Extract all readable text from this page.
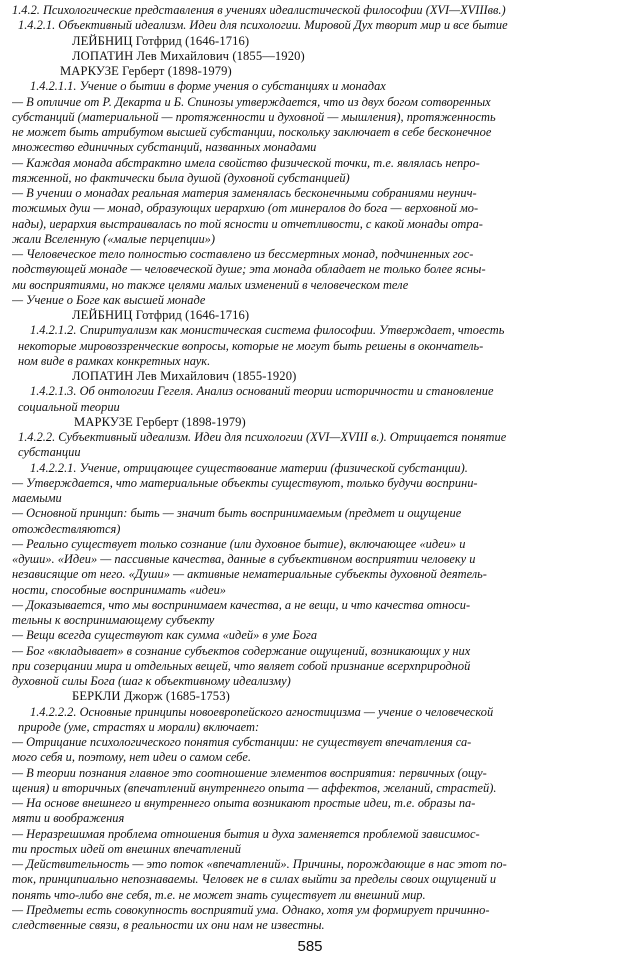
1.4.2. Психологические представления в учениях идеалистической философии (XVI—XVIIIвв.)
1.4.2.1. Объективный идеализм. Идеи для психологии. Мировой Дух творит мир и все бытие
ЛЕЙБНИЦ Готфрид (1646-1716)
ЛОПАТИН Лев Михайлович (1855—1920)
МАРКУЗЕ Герберт (1898-1979)
1.4.2.1.1. Учение о бытии в форме учения о субстанциях и монадах
— В отличие от Р. Декарта и Б. Спинозы утверждается, что из двух богом сотворенных
субстанций (материальной — протяженности и духовной — мышления), протяженность
не может быть атрибутом высшей субстанции, поскольку заключает в себе бесконечное
множество единичных субстанций, названных монадами
— Каждая монада абстрактно имела свойство физической точки, т.е. являлась непро-
тяженной, но фактически была душой (духовной субстанцией)
— В учении о монадах реальная материя заменялась бесконечными собраниями неунич-
тожимых душ — монад, образующих иерархию (от минералов до бога — верховной мо-
нады), иерархия выстраивалась по той ясности и отчетливости, с какой монады отра-
жали Вселенную («малые перцепции»)
— Человеческое тело полностью составлено из бессмертных монад, подчиненных гос-
подствующей монаде — человеческой душе; эта монада обладает не только более ясны-
ми восприятиями, но также целями малых изменений в человеческом теле
— Учение о Боге как высшей монаде
ЛЕЙБНИЦ Готфрид (1646-1716)
1.4.2.1.2. Спиритуализм как монистическая система философии. Утверждает, чтоесть
некоторые мировоззренческие вопросы, которые не могут быть решены в окончатель-
ном виде в рамках конкретных наук.
ЛОПАТИН Лев Михайлович (1855-1920)
1.4.2.1.3. Об онтологии Гегеля. Анализ оснований теории историчности и становление
социальной теории
МАРКУЗЕ Герберт (1898-1979)
1.4.2.2. Субъективный идеализм. Идеи для психологии (XVI—XVIII в.). Отрицается понятие
субстанции
1.4.2.2.1. Учение, отрицающее существование материи (физической субстанции).
— Утверждается, что материальные объекты существуют, только будучи восприни-
маемыми
— Основной принцип: быть — значит быть воспринимаемым (предмет и ощущение
отождествляются)
— Реально существует только сознание (или духовное бытие), включающее «идеи» и
«души». «Идеи» — пассивные качества, данные в субъективном восприятии человеку и
независящие от него. «Души» — активные нематериальные субъекты духовной деятель-
ности, способные воспринимать «идеи»
— Доказывается, что мы воспринимаем качества, а не вещи, и что качества относи-
тельны к воспринимающему субъекту
— Вещи всегда существуют как сумма «идей» в уме Бога
— Бог «вкладывает» в сознание субъектов содержание ощущений, возникающих у них
при созерцании мира и отдельных вещей, что являет собой признание всерхприродной
духовной силы Бога (шаг к объективному идеализму)
БЕРКЛИ Джорж (1685-1753)
1.4.2.2.2. Основные принципы новоевропейского агностицизма — учение о человеческой
природе (уме, страстях и морали) включает:
— Отрицание психологического понятия субстанции: не существует впечатления са-
мого себя и, поэтому, нет идеи о самом себе.
— В теории познания главное это соотношение элементов восприятия: первичных (ощу-
щения) и вторичных (впечатлений внутреннего опыта — аффектов, желаний, страстей).
— На основе внешнего и внутреннего опыта возникают простые идеи, т.е. образы па-
мяти и воображения
— Неразрешимая проблема отношения бытия и духа заменяется проблемой зависимос-
ти простых идей от внешних впечатлений
— Действительность — это поток «впечатлений». Причины, порождающие в нас этот по-
ток, принципиально непознаваемы. Человек не в силах выйти за пределы своих ощущений и
понять что-либо вне себя, т.е. не может знать существует ли внешний мир.
— Предметы есть совокупность восприятий ума. Однако, хотя ум формирует причинно-
следственные связи, в реальности их они нам не известны.
585
